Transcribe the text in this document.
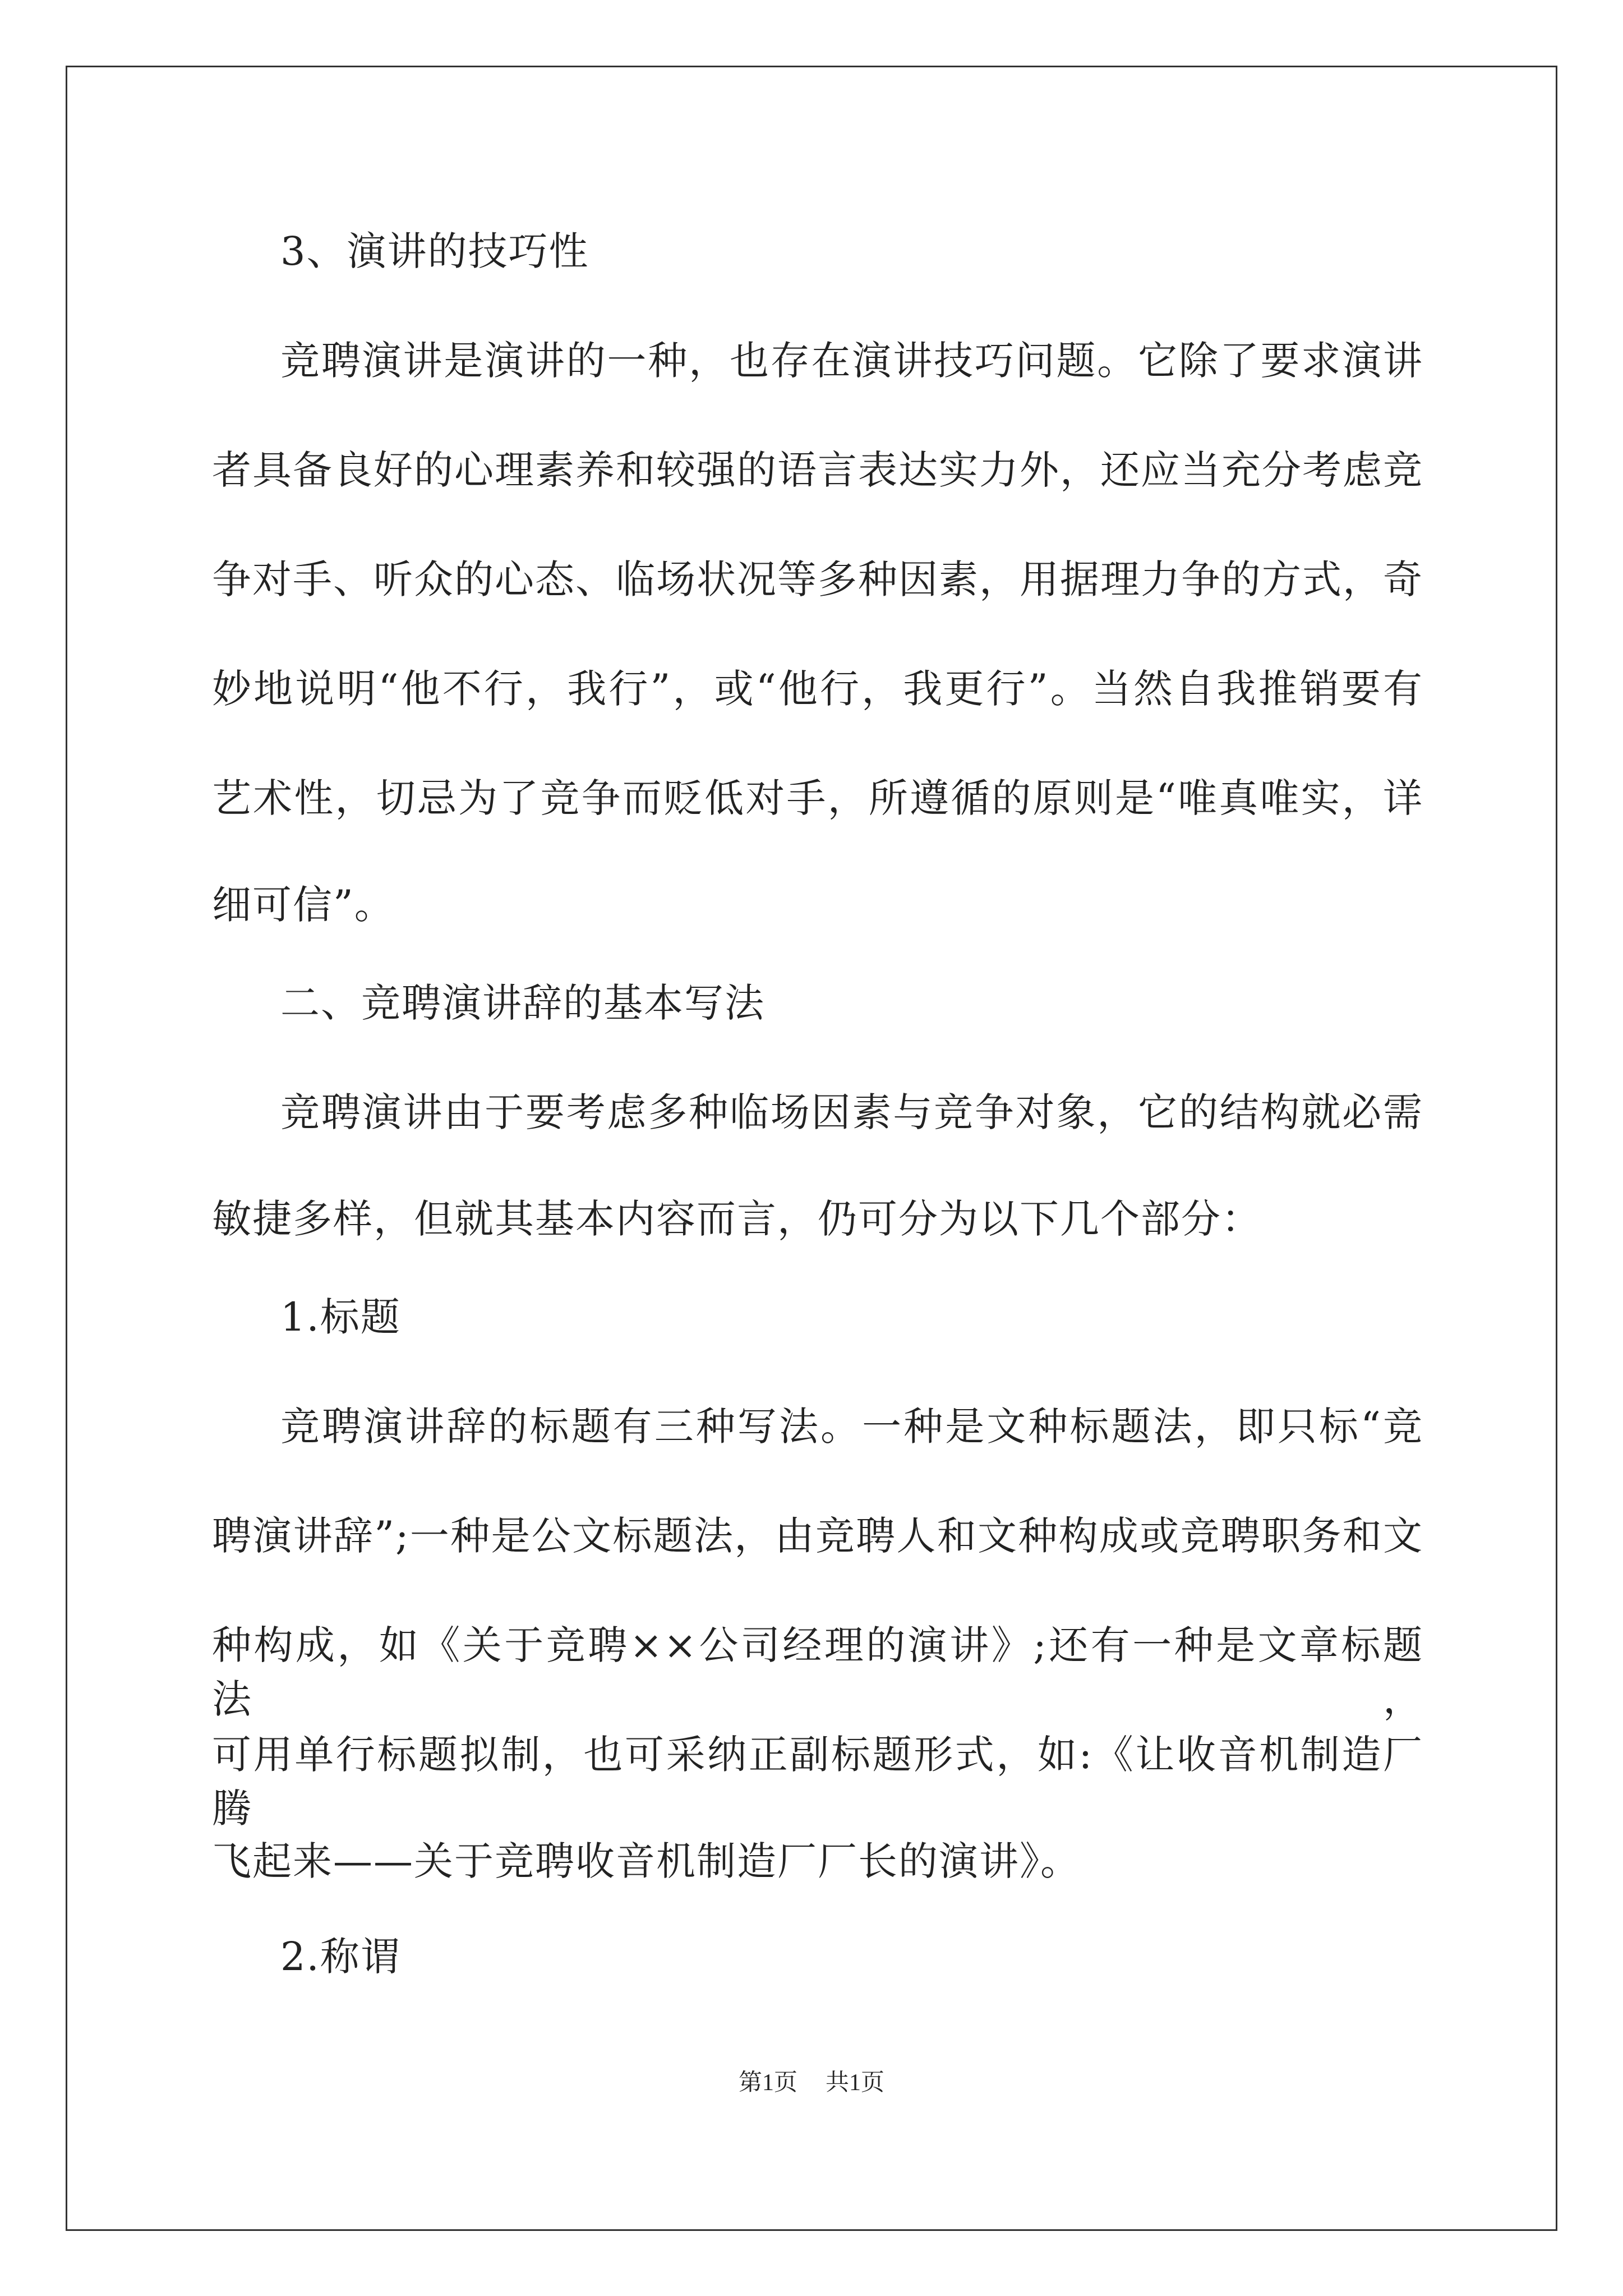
3、演讲的技巧性
竞聘演讲是演讲的一种，也存在演讲技巧问题。它除了要求演讲
者具备良好的心理素养和较强的语言表达实力外，还应当充分考虑竞
争对手、听众的心态、临场状况等多种因素，用据理力争的方式，奇
妙地说明“他不行，我行”，或“他行，我更行”。当然自我推销要有
艺术性，切忌为了竞争而贬低对手，所遵循的原则是“唯真唯实，详
细可信”。
二、竞聘演讲辞的基本写法
竞聘演讲由于要考虑多种临场因素与竞争对象，它的结构就必需
敏捷多样，但就其基本内容而言，仍可分为以下几个部分：
1.标题
竞聘演讲辞的标题有三种写法。一种是文种标题法，即只标“竞
聘演讲辞”;一种是公文标题法，由竞聘人和文种构成或竞聘职务和文
种构成，如《关于竞聘××公司经理的演讲》;还有一种是文章标题法，
可用单行标题拟制，也可采纳正副标题形式，如:《让收音机制造厂腾
飞起来——关于竞聘收音机制造厂厂长的演讲》。
2.称谓
第1页 共1页
